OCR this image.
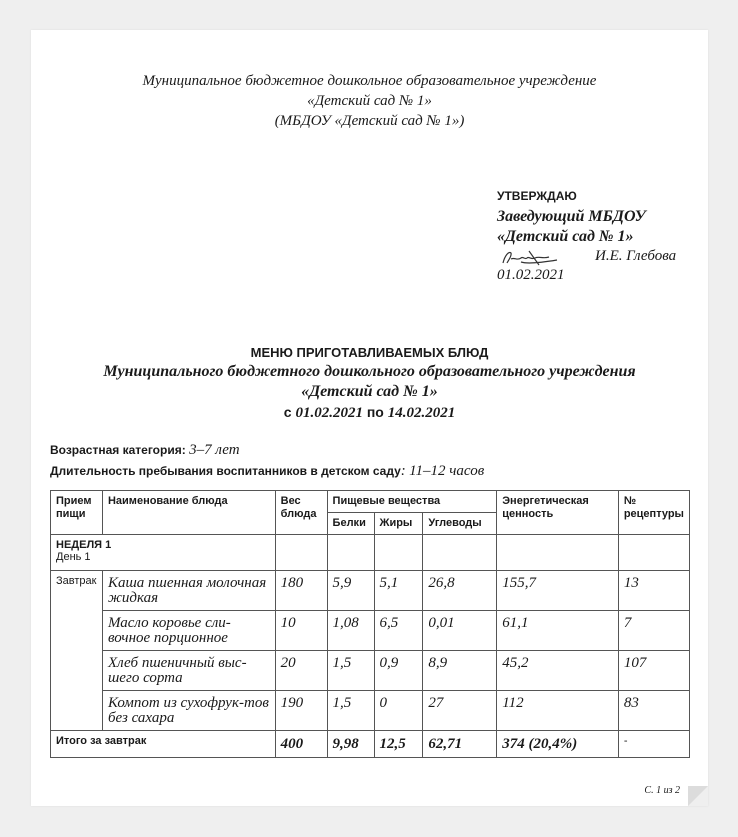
Муниципальное бюджетное дошкольное образовательное учреждение
«Детский сад № 1»
(МБДОУ «Детский сад № 1»)
УТВЕРЖДАЮ
Заведующий МБДОУ
«Детский сад № 1»
И.Е. Глебова
01.02.2021
МЕНЮ ПРИГОТАВЛИВАЕМЫХ БЛЮД
Муниципального бюджетного дошкольного образовательного учреждения
«Детский сад № 1»
с 01.02.2021 по 14.02.2021
Возрастная категория: 3–7 лет
Длительность пребывания воспитанников в детском саду: 11–12 часов
Прием пищи	Наименование блюда	Вес блюда	Пищевые вещества			Энергетическая ценность	№ рецептуры
			Белки	Жиры	Углеводы		

НЕДЕЛЯ 1
День 1							

Завтрак	Каша пшенная молочная жидкая	180	5,9	5,1	26,8	155,7	13
	Масло коровье сли-вочное порционное	10	1,08	6,5	0,01	61,1	7
	Хлеб пшеничный выс-шего сорта	20	1,5	0,9	8,9	45,2	107
	Компот из сухофрук-тов без сахара	190	1,5	0	27	112	83
Итого за завтрак		400	9,98	12,5	62,71	374 (20,4%)	-
С. 1 из 2
